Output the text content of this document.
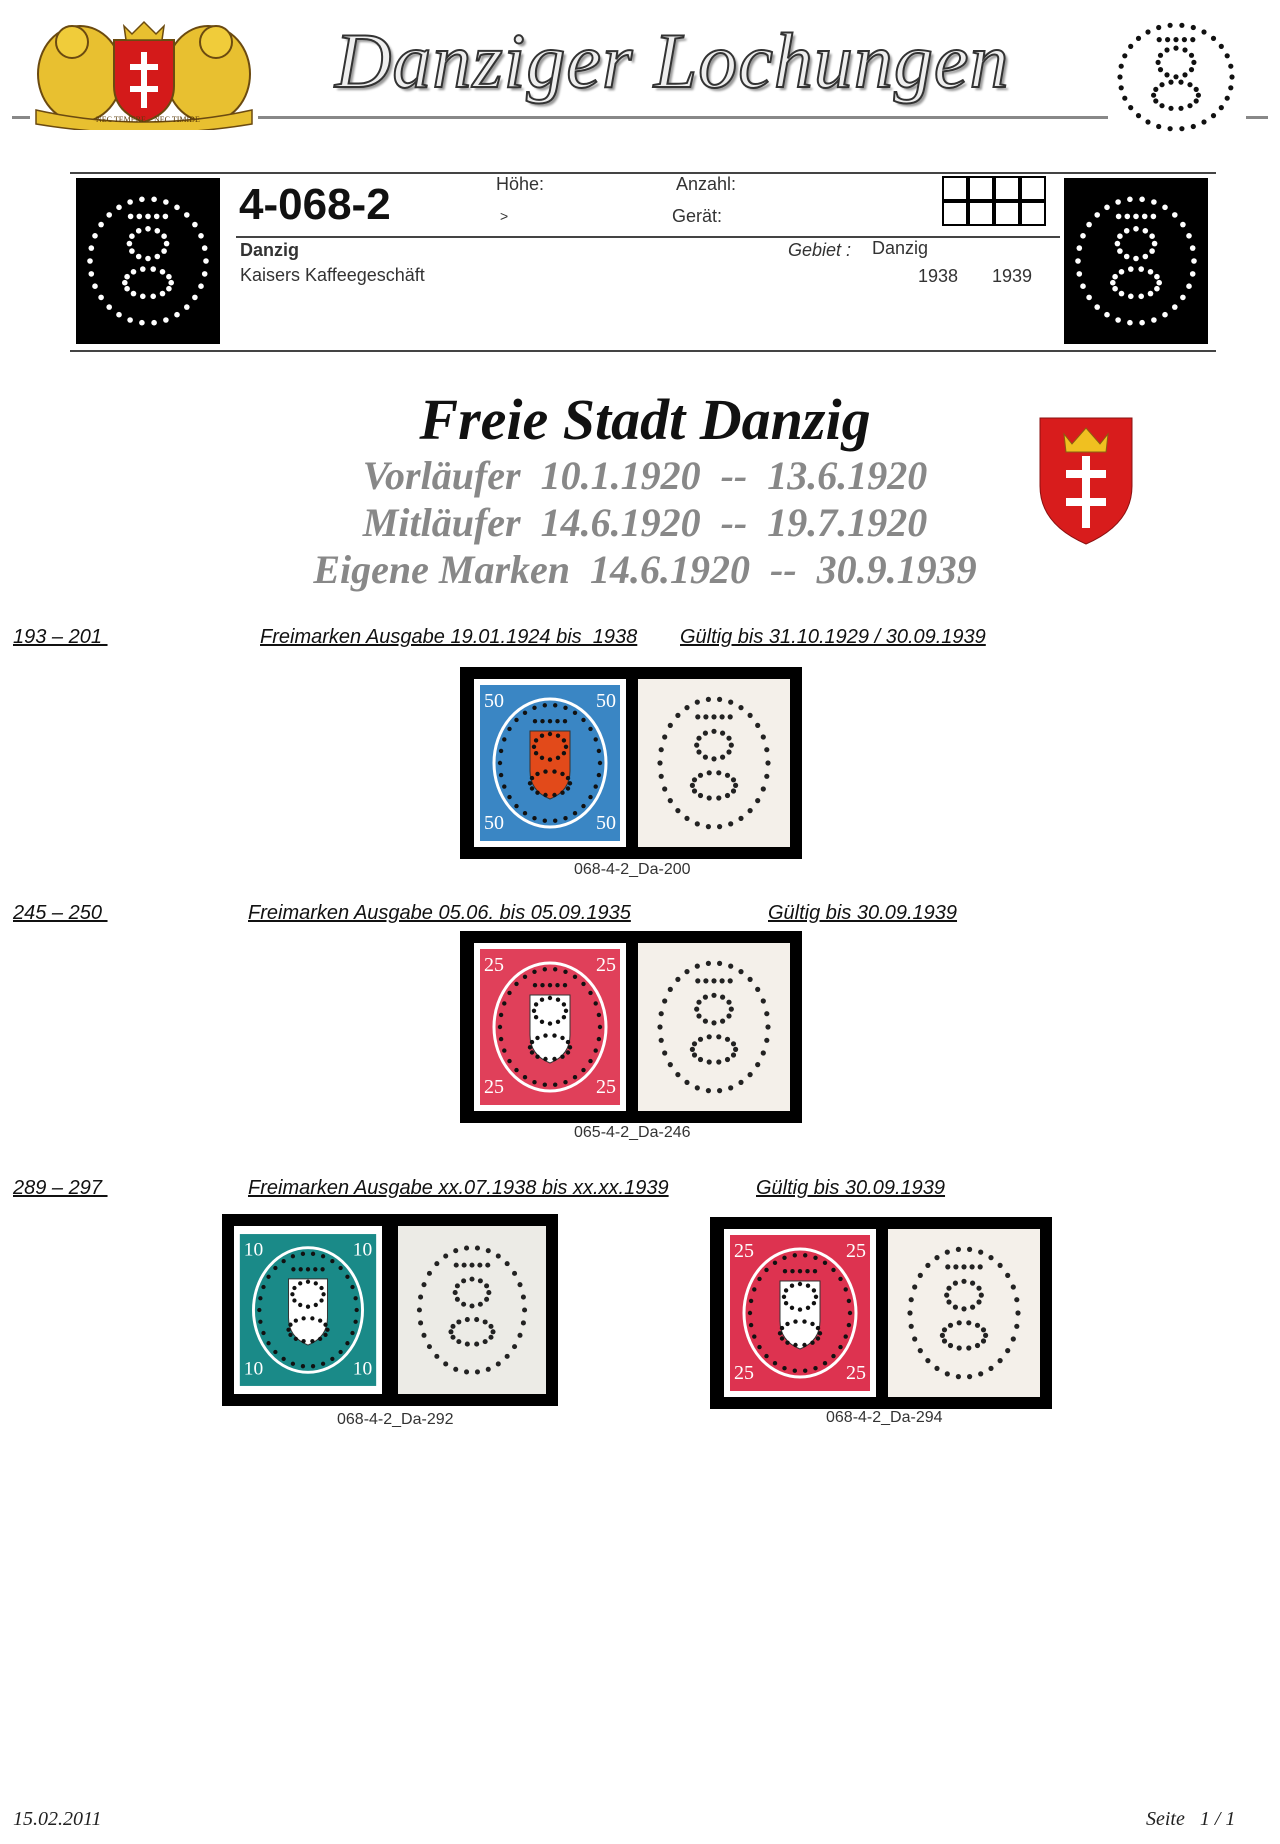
NEC TEMERE NEC TIMIDE
Danziger Lochungen
4-068-2	Höhe:
>
Anzahl:
Gerät:
Danzig
Kaisers Kaffeegeschäft
Gebiet : Danzig
1938 1939
Freie Stadt Danzig
Vorläufer  10.1.1920  --  13.6.1920
Mitläufer  14.6.1920  --  19.7.1920
Eigene Marken  14.6.1920  --  30.9.1939
193 – 201	Freimarken Ausgabe 19.01.1924 bis  1938 Gültig bis 31.10.1929 / 30.09.1939
50	50
50	50
068-4-2_Da-200
245 – 250	Freimarken Ausgabe 05.06. bis 05.09.1935	Gültig bis 30.09.1939
25	25
25	25
065-4-2_Da-246
289 – 297	Freimarken Ausgabe xx.07.1938 bis xx.xx.1939	Gültig bis 30.09.1939
10	10
10	10
068-4-2_Da-292
25	25
25	25
068-4-2_Da-294
15.02.2011	Seite   1 / 1
